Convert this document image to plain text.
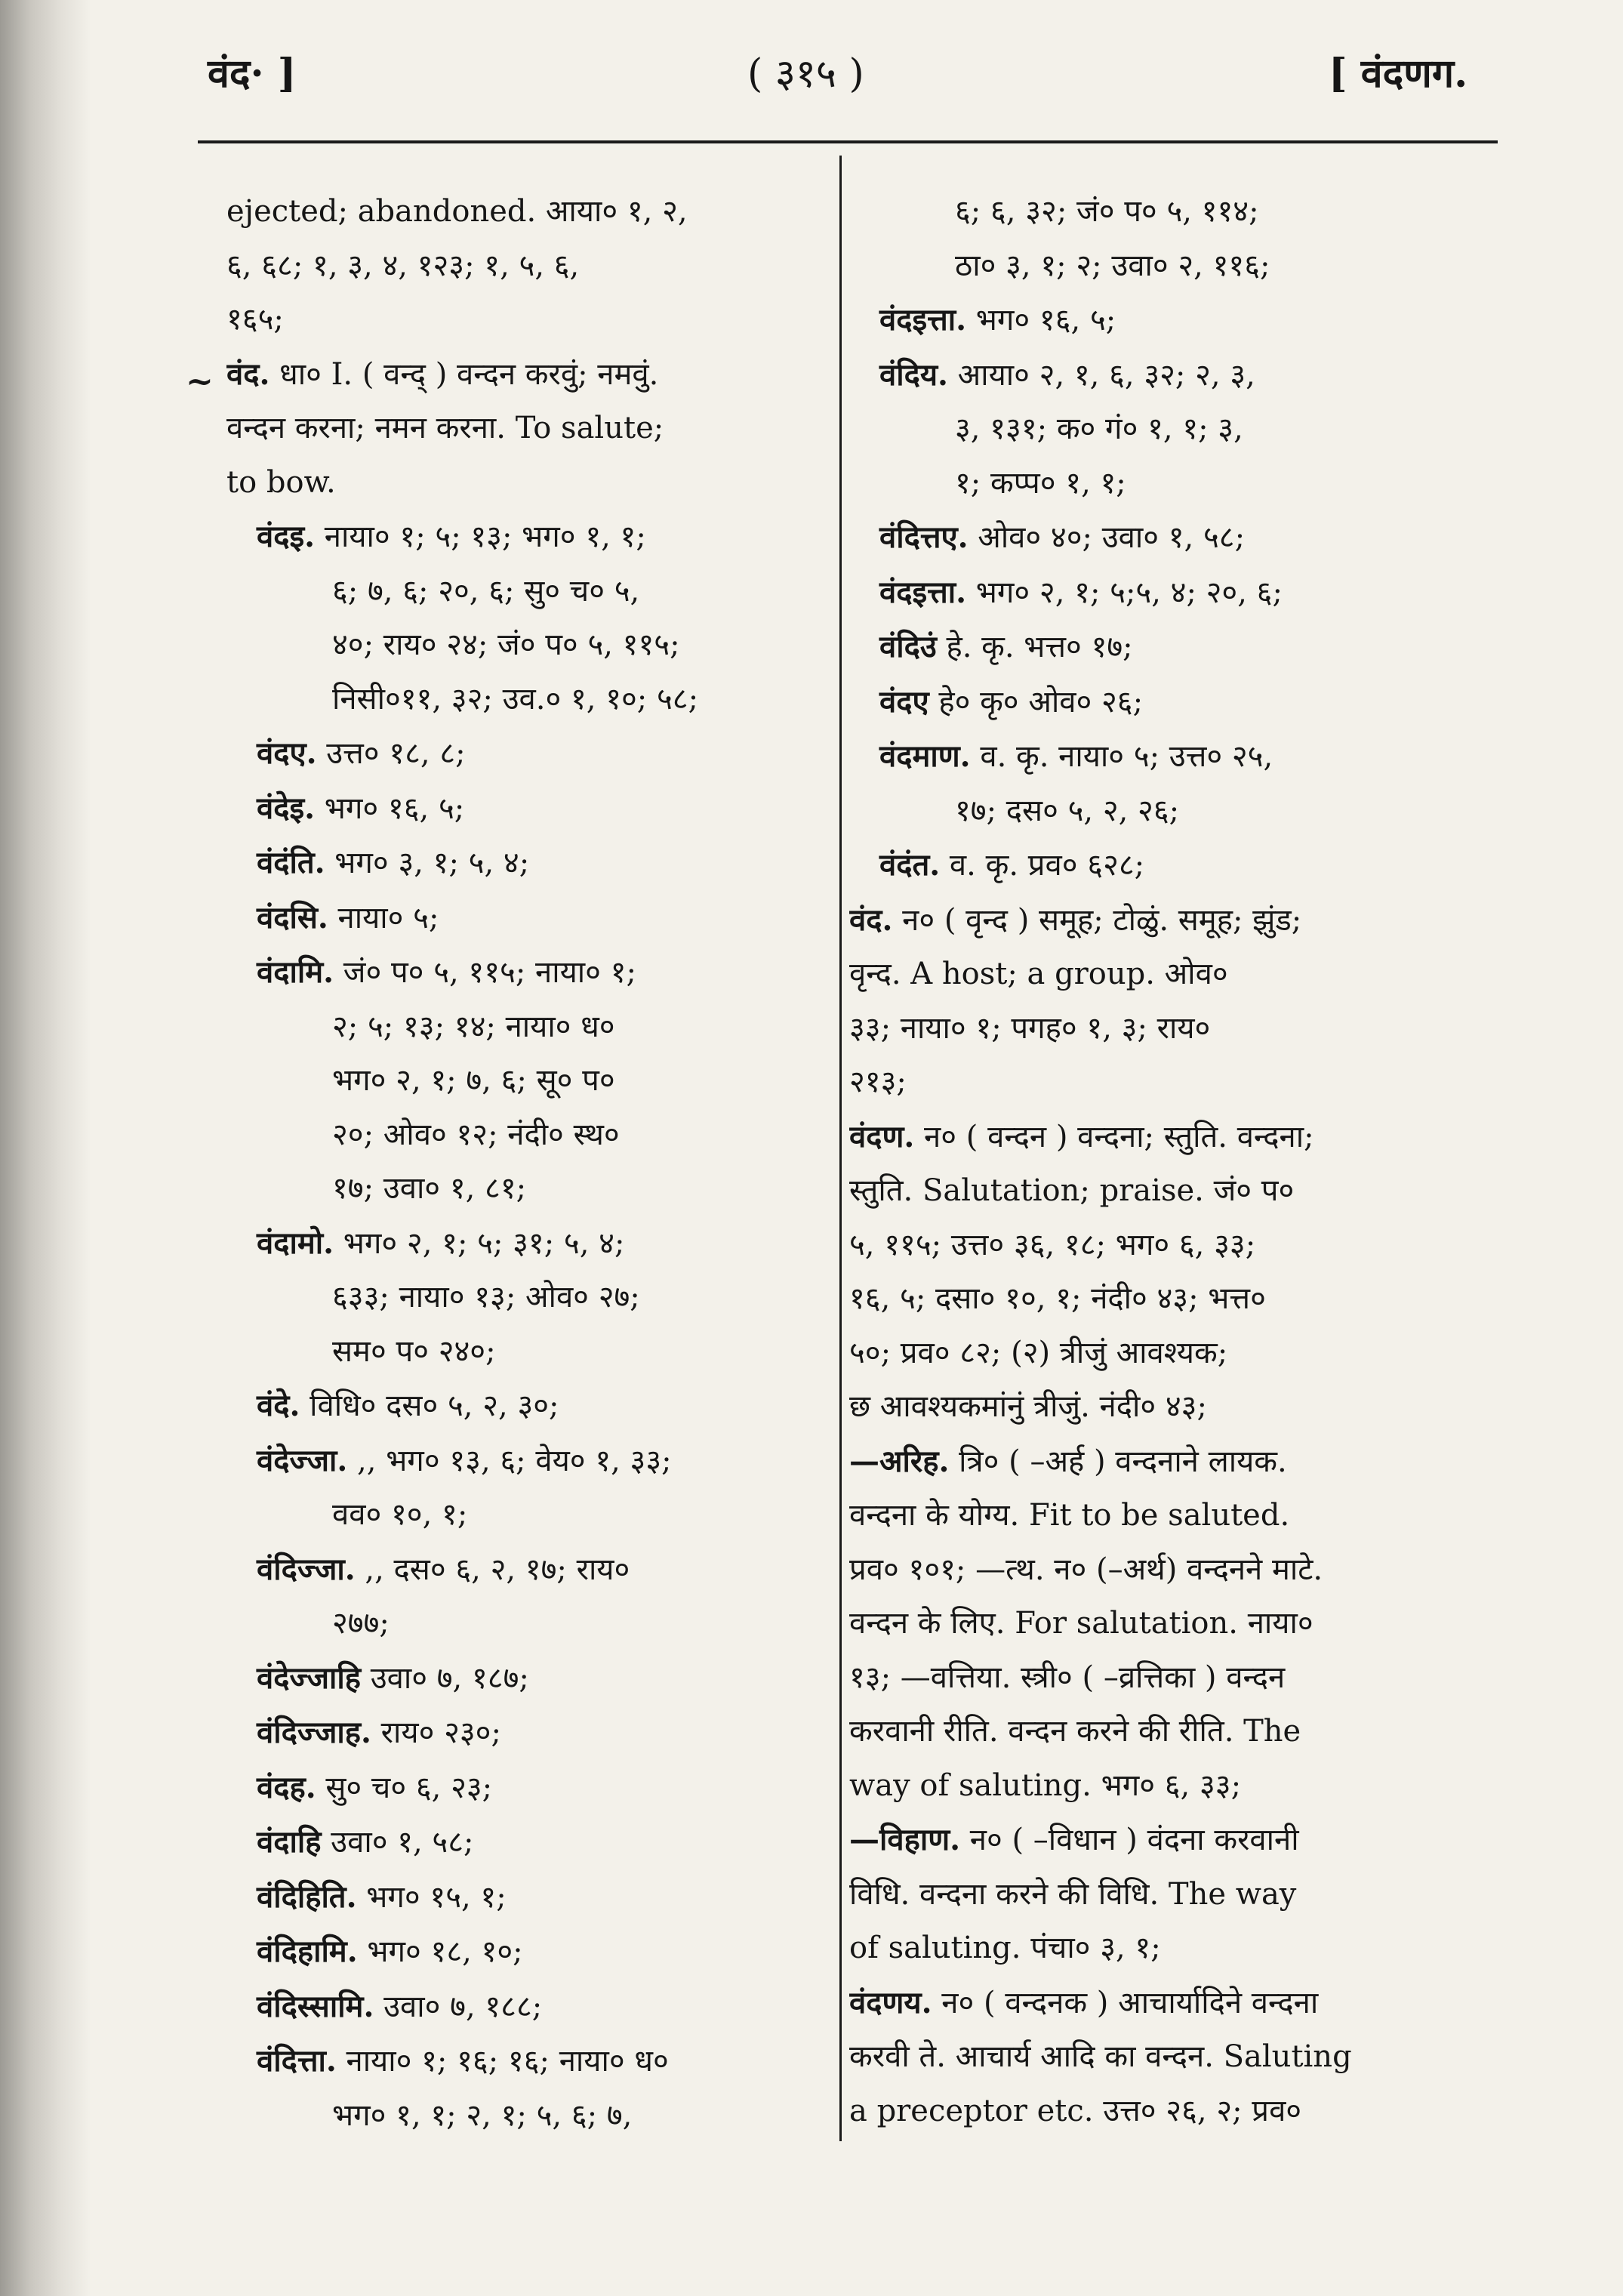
वंद· ]	( ३१५ )	[ वंदणग.
~

ejected; abandoned. आया० १, २,

६, ६८; १, ३, ४, १२३; १, ५, ६,

१६५;

वंद. धा० I. ( वन्द् ) वन्दन करवुं; नमवुं.

वन्दन करना; नमन करना. To salute;

to bow.

वंदइ. नाया० १; ५; १३; भग० १, १;

६; ७, ६; २०, ६; सु० च० ५,

४०; राय० २४; जं० प० ५, ११५;

निसी०११, ३२; उव.० १, १०; ५८;

वंदए. उत्त० १८, ८;

वंदेइ. भग० १६, ५;

वंदंति. भग० ३, १; ५, ४;

वंदसि. नाया० ५;

वंदामि. जं० प० ५, ११५; नाया० १;

२; ५; १३; १४; नाया० ध०

भग० २, १; ७, ६; सू० प०

२०; ओव० १२; नंदी० स्थ०

१७; उवा० १, ८१;

वंदामो. भग० २, १; ५; ३१; ५, ४;

६३३; नाया० १३; ओव० २७;

सम० प० २४०;

वंदे. विधि० दस० ५, २, ३०;

वंदेज्जा. ,, भग० १३, ६; वेय० १, ३३;

वव० १०, १;

वंदिज्जा. ,, दस० ६, २, १७; राय०

२७७;

वंदेज्जाहि उवा० ७, १८७;

वंदिज्जाह. राय० २३०;

वंदह. सु० च० ६, २३;

वंदाहि उवा० १, ५८;

वंदिहिति. भग० १५, १;

वंदिहामि. भग० १८, १०;

वंदिस्सामि. उवा० ७, १८८;

वंदित्ता. नाया० १; १६; १६; नाया० ध०

भग० १, १; २, १; ५, ६; ७,

६; ६, ३२; जं० प० ५, ११४;

ठा० ३, १; २; उवा० २, ११६;

वंदइत्ता. भग० १६, ५;

वंदिय. आया० २, १, ६, ३२; २, ३,

३, १३१; क० गं० १, १; ३,

१; कप्प० १, १;

वंदित्तए. ओव० ४०; उवा० १, ५८;

वंदइत्ता. भग० २, १; ५;५, ४; २०, ६;

वंदिउं हे. कृ. भत्त० १७;

वंदए हे० कृ० ओव० २६;

वंदमाण. व. कृ. नाया० ५; उत्त० २५,

१७; दस० ५, २, २६;

वंदंत. व. कृ. प्रव० ६२८;

वंद. न० ( वृन्द ) समूह; टोळुं. समूह; झुंड;

वृन्द. A host; a group. ओव०

३३; नाया० १; पगह० १, ३; राय०

२१३;

वंदण. न० ( वन्दन ) वन्दना; स्तुति. वन्दना;

स्तुति. Salutation; praise. जं० प०

५, ११५; उत्त० ३६, १८; भग० ६, ३३;

१६, ५; दसा० १०, १; नंदी० ४३; भत्त०

५०; प्रव० ८२; (२) त्रीजुं आवश्यक;

छ आवश्यकमांनुं त्रीजुं. नंदी० ४३;

—अरिह. त्रि० ( –अर्ह ) वन्दनाने लायक.

वन्दना के योग्य. Fit to be saluted.

प्रव० १०१; —त्थ. न० (–अर्थ) वन्दनने माटे.

वन्दन के लिए. For salutation. नाया०

१३; —वत्तिया. स्त्री० ( –व्रत्तिका ) वन्दन

करवानी रीति. वन्दन करने की रीति. The

way of saluting. भग० ६, ३३;

—विहाण. न० ( –विधान ) वंदना करवानी

विधि. वन्दना करने की विधि. The way

of saluting. पंचा० ३, १;

वंदणय. न० ( वन्दनक ) आचार्यादिने वन्दना

करवी ते. आचार्य आदि का वन्दन. Saluting

a preceptor etc. उत्त० २६, २; प्रव०
